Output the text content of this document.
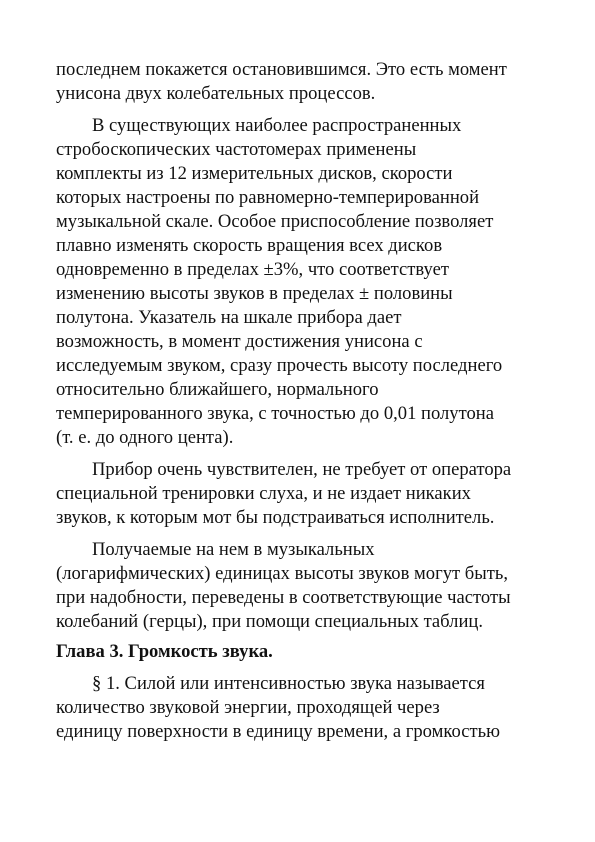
последнем покажется остановившимся. Это есть момент
унисона двух колебательных процессов.
В существующих наиболее распространенных
стробоскопических частотомерах применены
комплекты из 12 измерительных дисков, скорости
которых настроены по равномерно-темперированной
музыкальной скале. Особое приспособление позволяет
плавно изменять скорость вращения всех дисков
одновременно в пределах ±3%, что соответствует
изменению высоты звуков в пределах ± половины
полутона. Указатель на шкале прибора дает
возможность, в момент достижения унисона с
исследуемым звуком, сразу прочесть высоту последнего
относительно ближайшего, нормального
темперированного звука, с точностью до 0,01 полутона
(т. е. до одного цента).
Прибор очень чувствителен, не требует от оператора
специальной тренировки слуха, и не издает никаких
звуков, к которым мот бы подстраиваться исполнитель.
Получаемые на нем в музыкальных
(логарифмических) единицах высоты звуков могут быть,
при надобности, переведены в соответствующие частоты
колебаний (герцы), при помощи специальных таблиц.
Глава 3. Громкость звука.
§ 1. Силой или интенсивностью звука называется
количество звуковой энергии, проходящей через
единицу поверхности в единицу времени, а громкостью
